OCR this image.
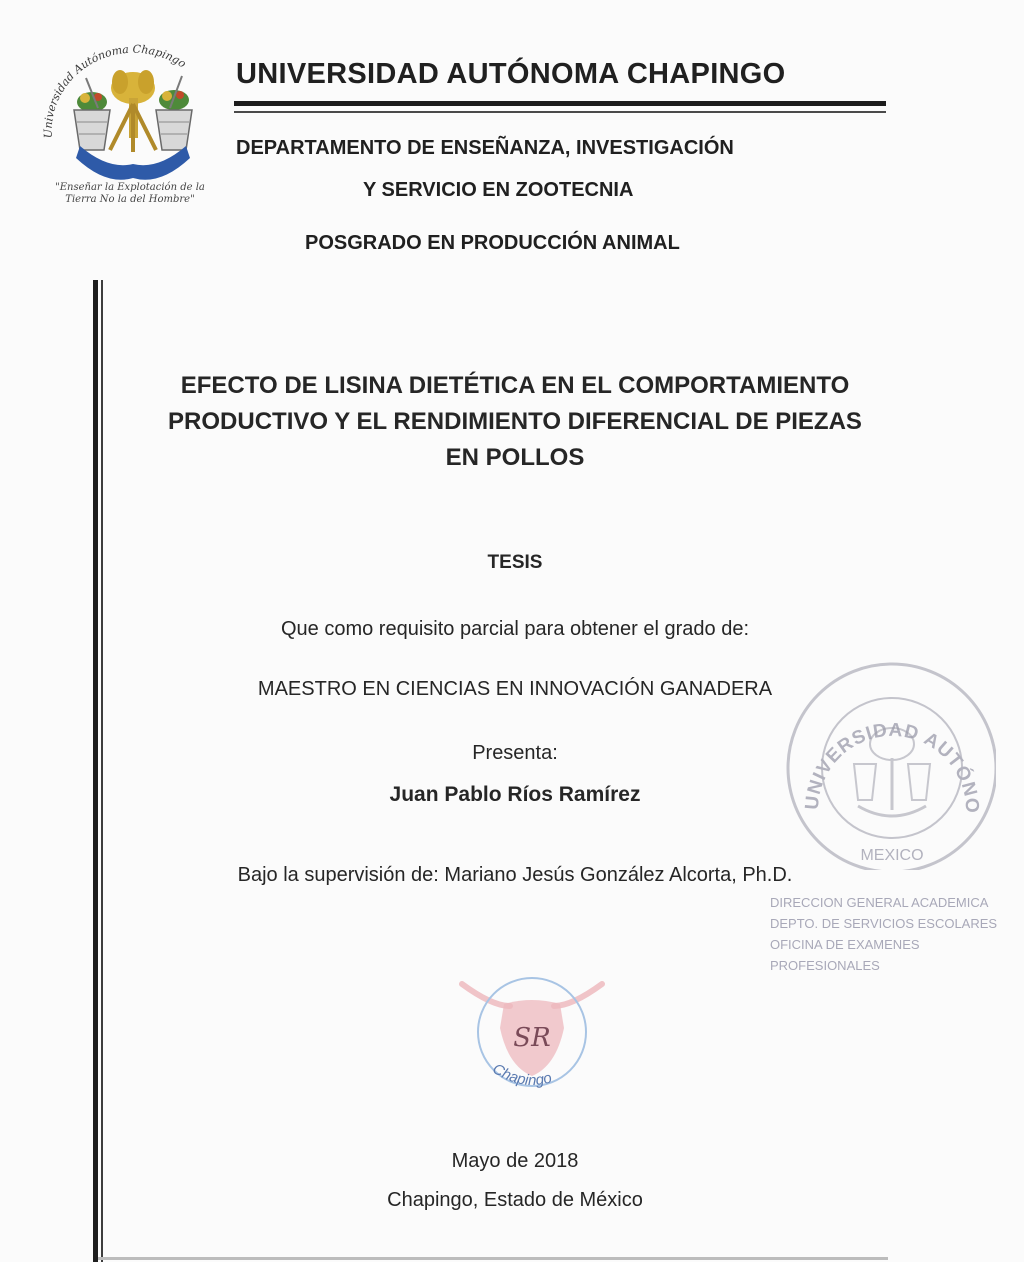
Universidad Autónoma Chapingo
"Enseñar la Explotación de la
Tierra No la del Hombre"
UNIVERSIDAD AUTÓNOMA CHAPINGO
DEPARTAMENTO DE ENSEÑANZA, INVESTIGACIÓN
Y SERVICIO EN ZOOTECNIA
POSGRADO EN PRODUCCIÓN ANIMAL
EFECTO DE LISINA DIETÉTICA EN EL COMPORTAMIENTO
PRODUCTIVO Y EL RENDIMIENTO DIFERENCIAL DE PIEZAS
EN POLLOS
TESIS
Que como requisito parcial para obtener el grado de:
MAESTRO EN CIENCIAS EN INNOVACIÓN GANADERA
Presenta:
Juan Pablo Ríos Ramírez
Bajo la supervisión de: Mariano Jesús González Alcorta, Ph.D.
UNIVERSIDAD AUTÓNO
MEXICO
DIRECCION GENERAL ACADEMICA
DEPTO. DE SERVICIOS ESCOLARES
OFICINA DE EXAMENES PROFESIONALES
SR
Chapingo
Mayo de 2018
Chapingo, Estado de México
